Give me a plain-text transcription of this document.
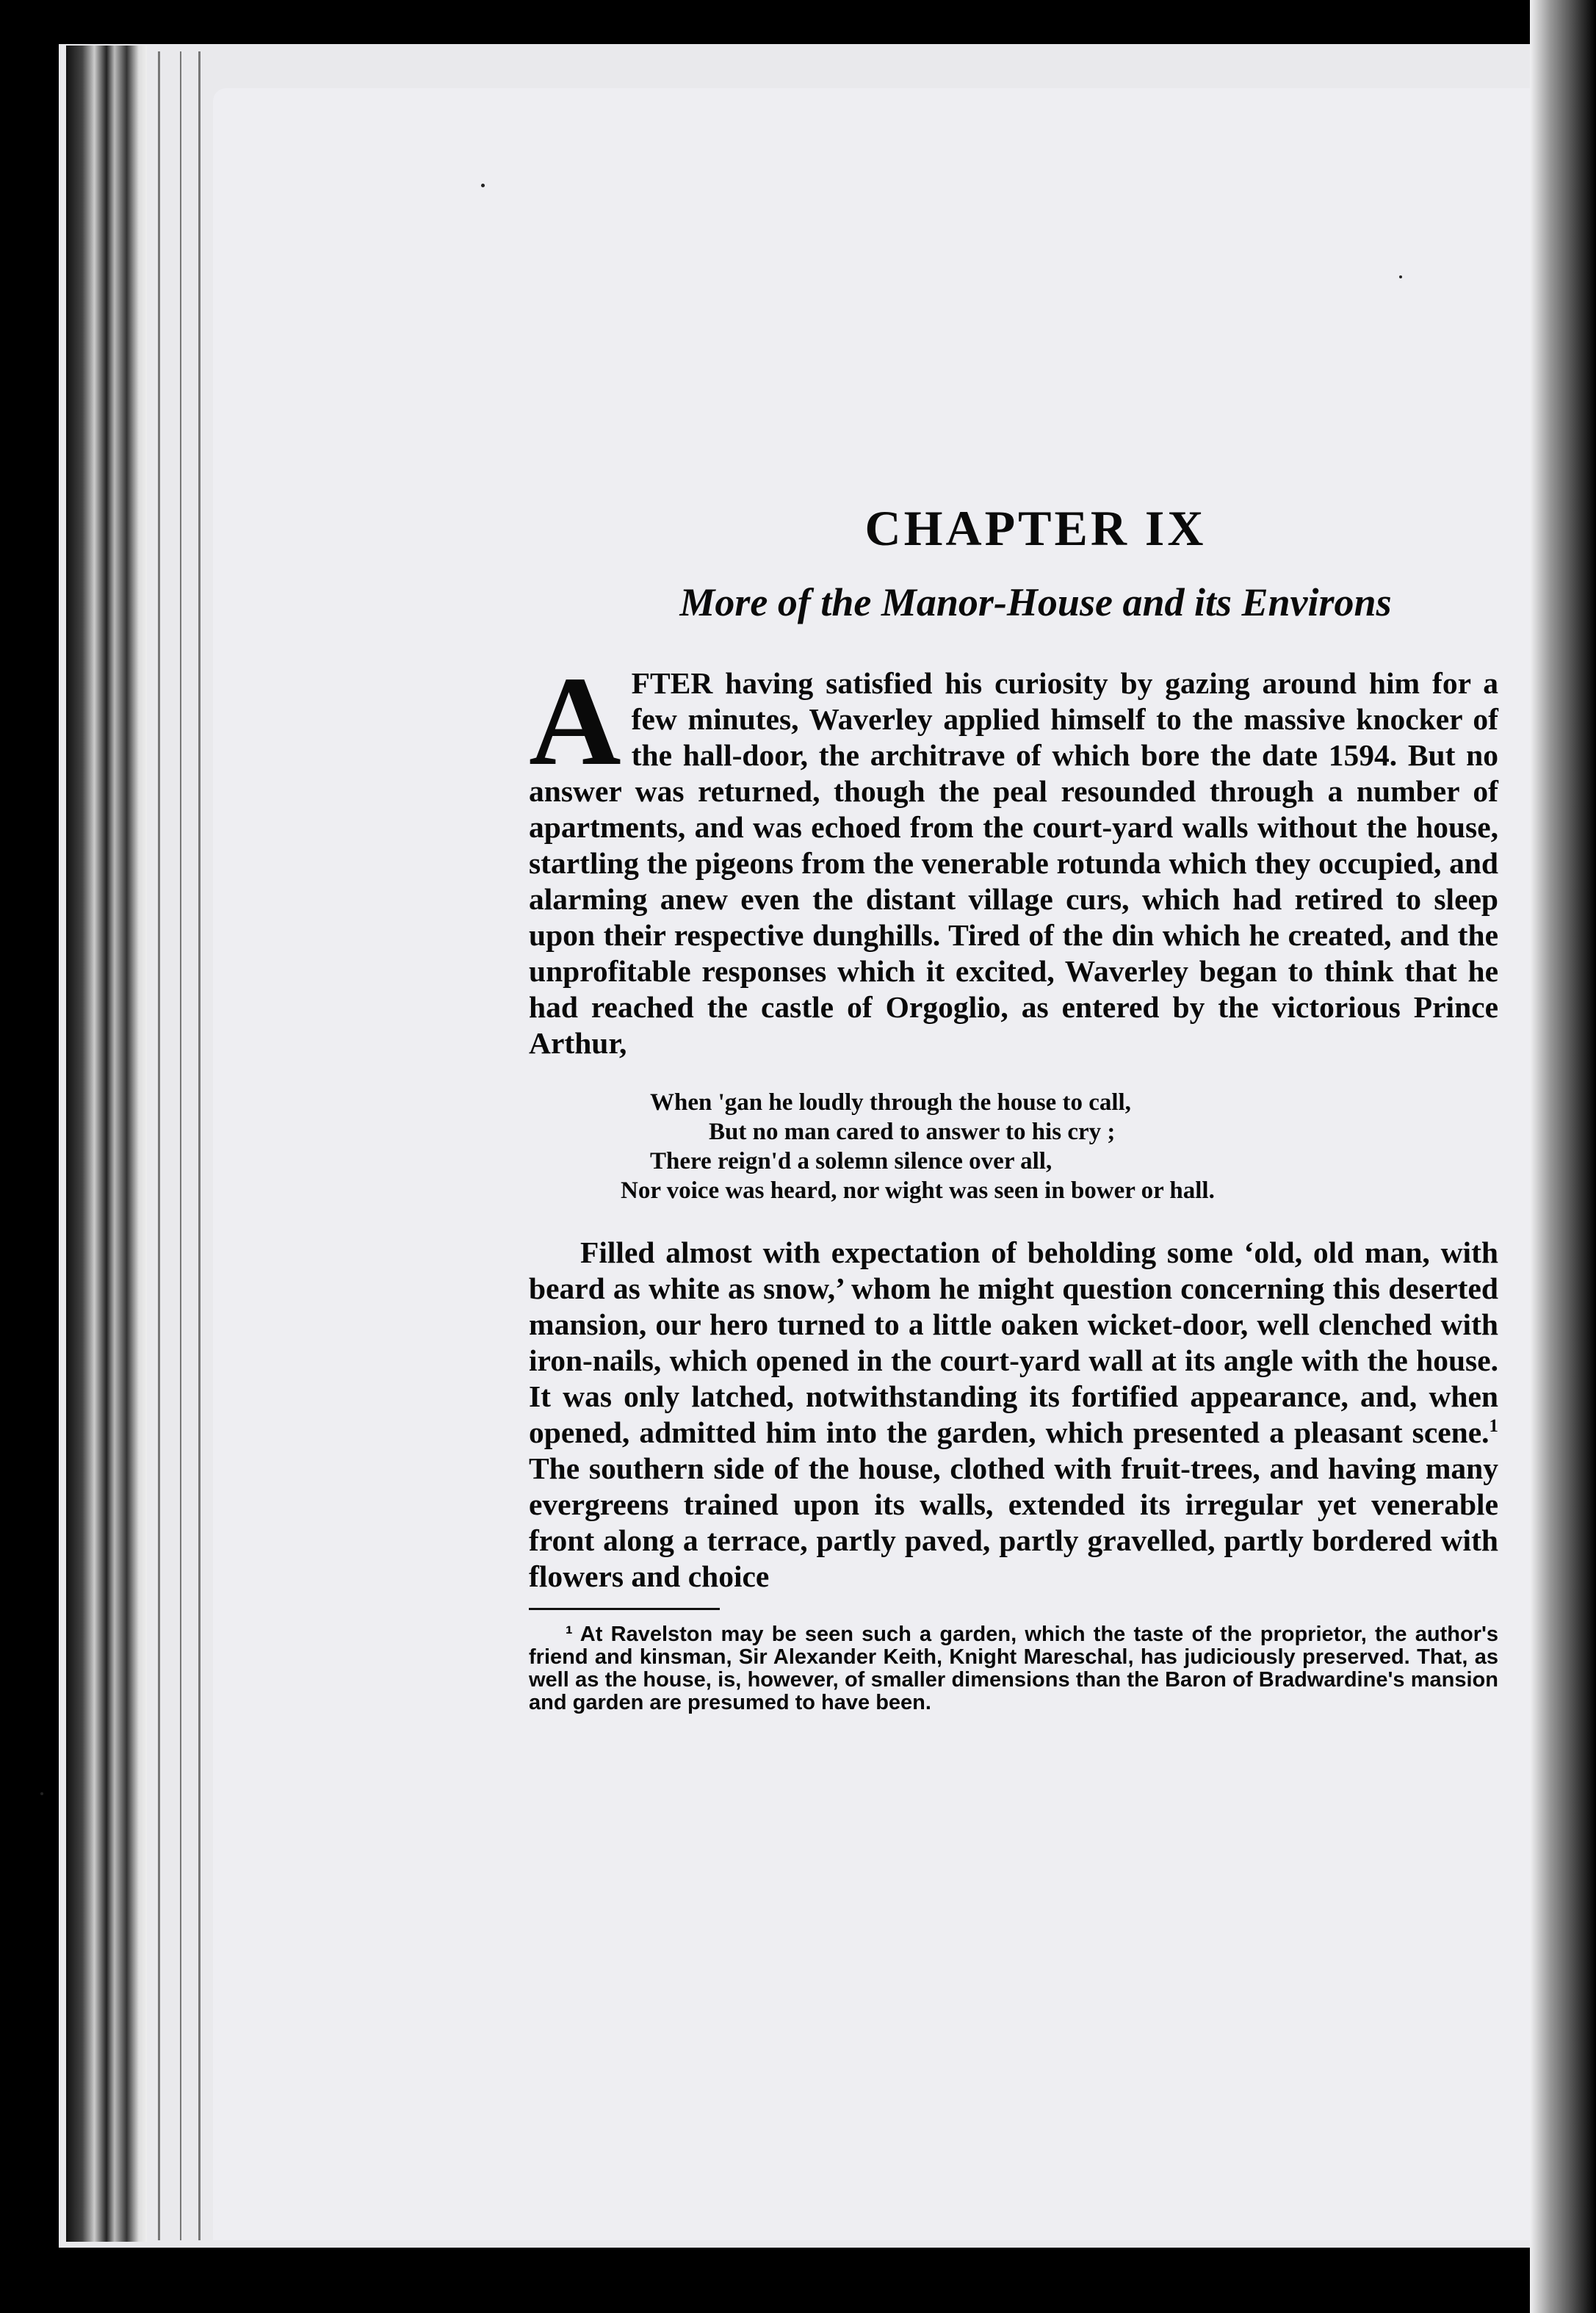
CHAPTER IX
More of the Manor-House and its Environs

AFTER having satisfied his curiosity by gazing around him for a few minutes, Waverley applied himself to the massive knocker of the hall-door, the architrave of which bore the date 1594. But no answer was returned, though the peal resounded through a number of apartments, and was echoed from the court-yard walls without the house, startling the pigeons from the venerable rotunda which they occupied, and alarming anew even the distant village curs, which had retired to sleep upon their respective dunghills. Tired of the din which he created, and the unprofitable responses which it excited, Waverley began to think that he had reached the castle of Orgoglio, as entered by the victorious Prince Arthur,

When 'gan he loudly through the house to call,
But no man cared to answer to his cry ;
There reign'd a solemn silence over all,
Nor voice was heard, nor wight was seen in bower or hall.

Filled almost with expectation of beholding some ‘old, old man, with beard as white as snow,’ whom he might question concerning this deserted mansion, our hero turned to a little oaken wicket-door, well clenched with iron-nails, which opened in the court-yard wall at its angle with the house. It was only latched, notwithstanding its fortified appearance, and, when opened, admitted him into the garden, which presented a pleasant scene.$^1$ The southern side of the house, clothed with fruit-trees, and having many evergreens trained upon its walls, extended its irregular yet venerable front along a terrace, partly paved, partly gravelled, partly bordered with flowers and choice

¹ At Ravelston may be seen such a garden, which the taste of the proprietor, the author's friend and kinsman, Sir Alexander Keith, Knight Mareschal, has judiciously preserved. That, as well as the house, is, however, of smaller dimensions than the Baron of Bradwardine's mansion and garden are presumed to have been.
